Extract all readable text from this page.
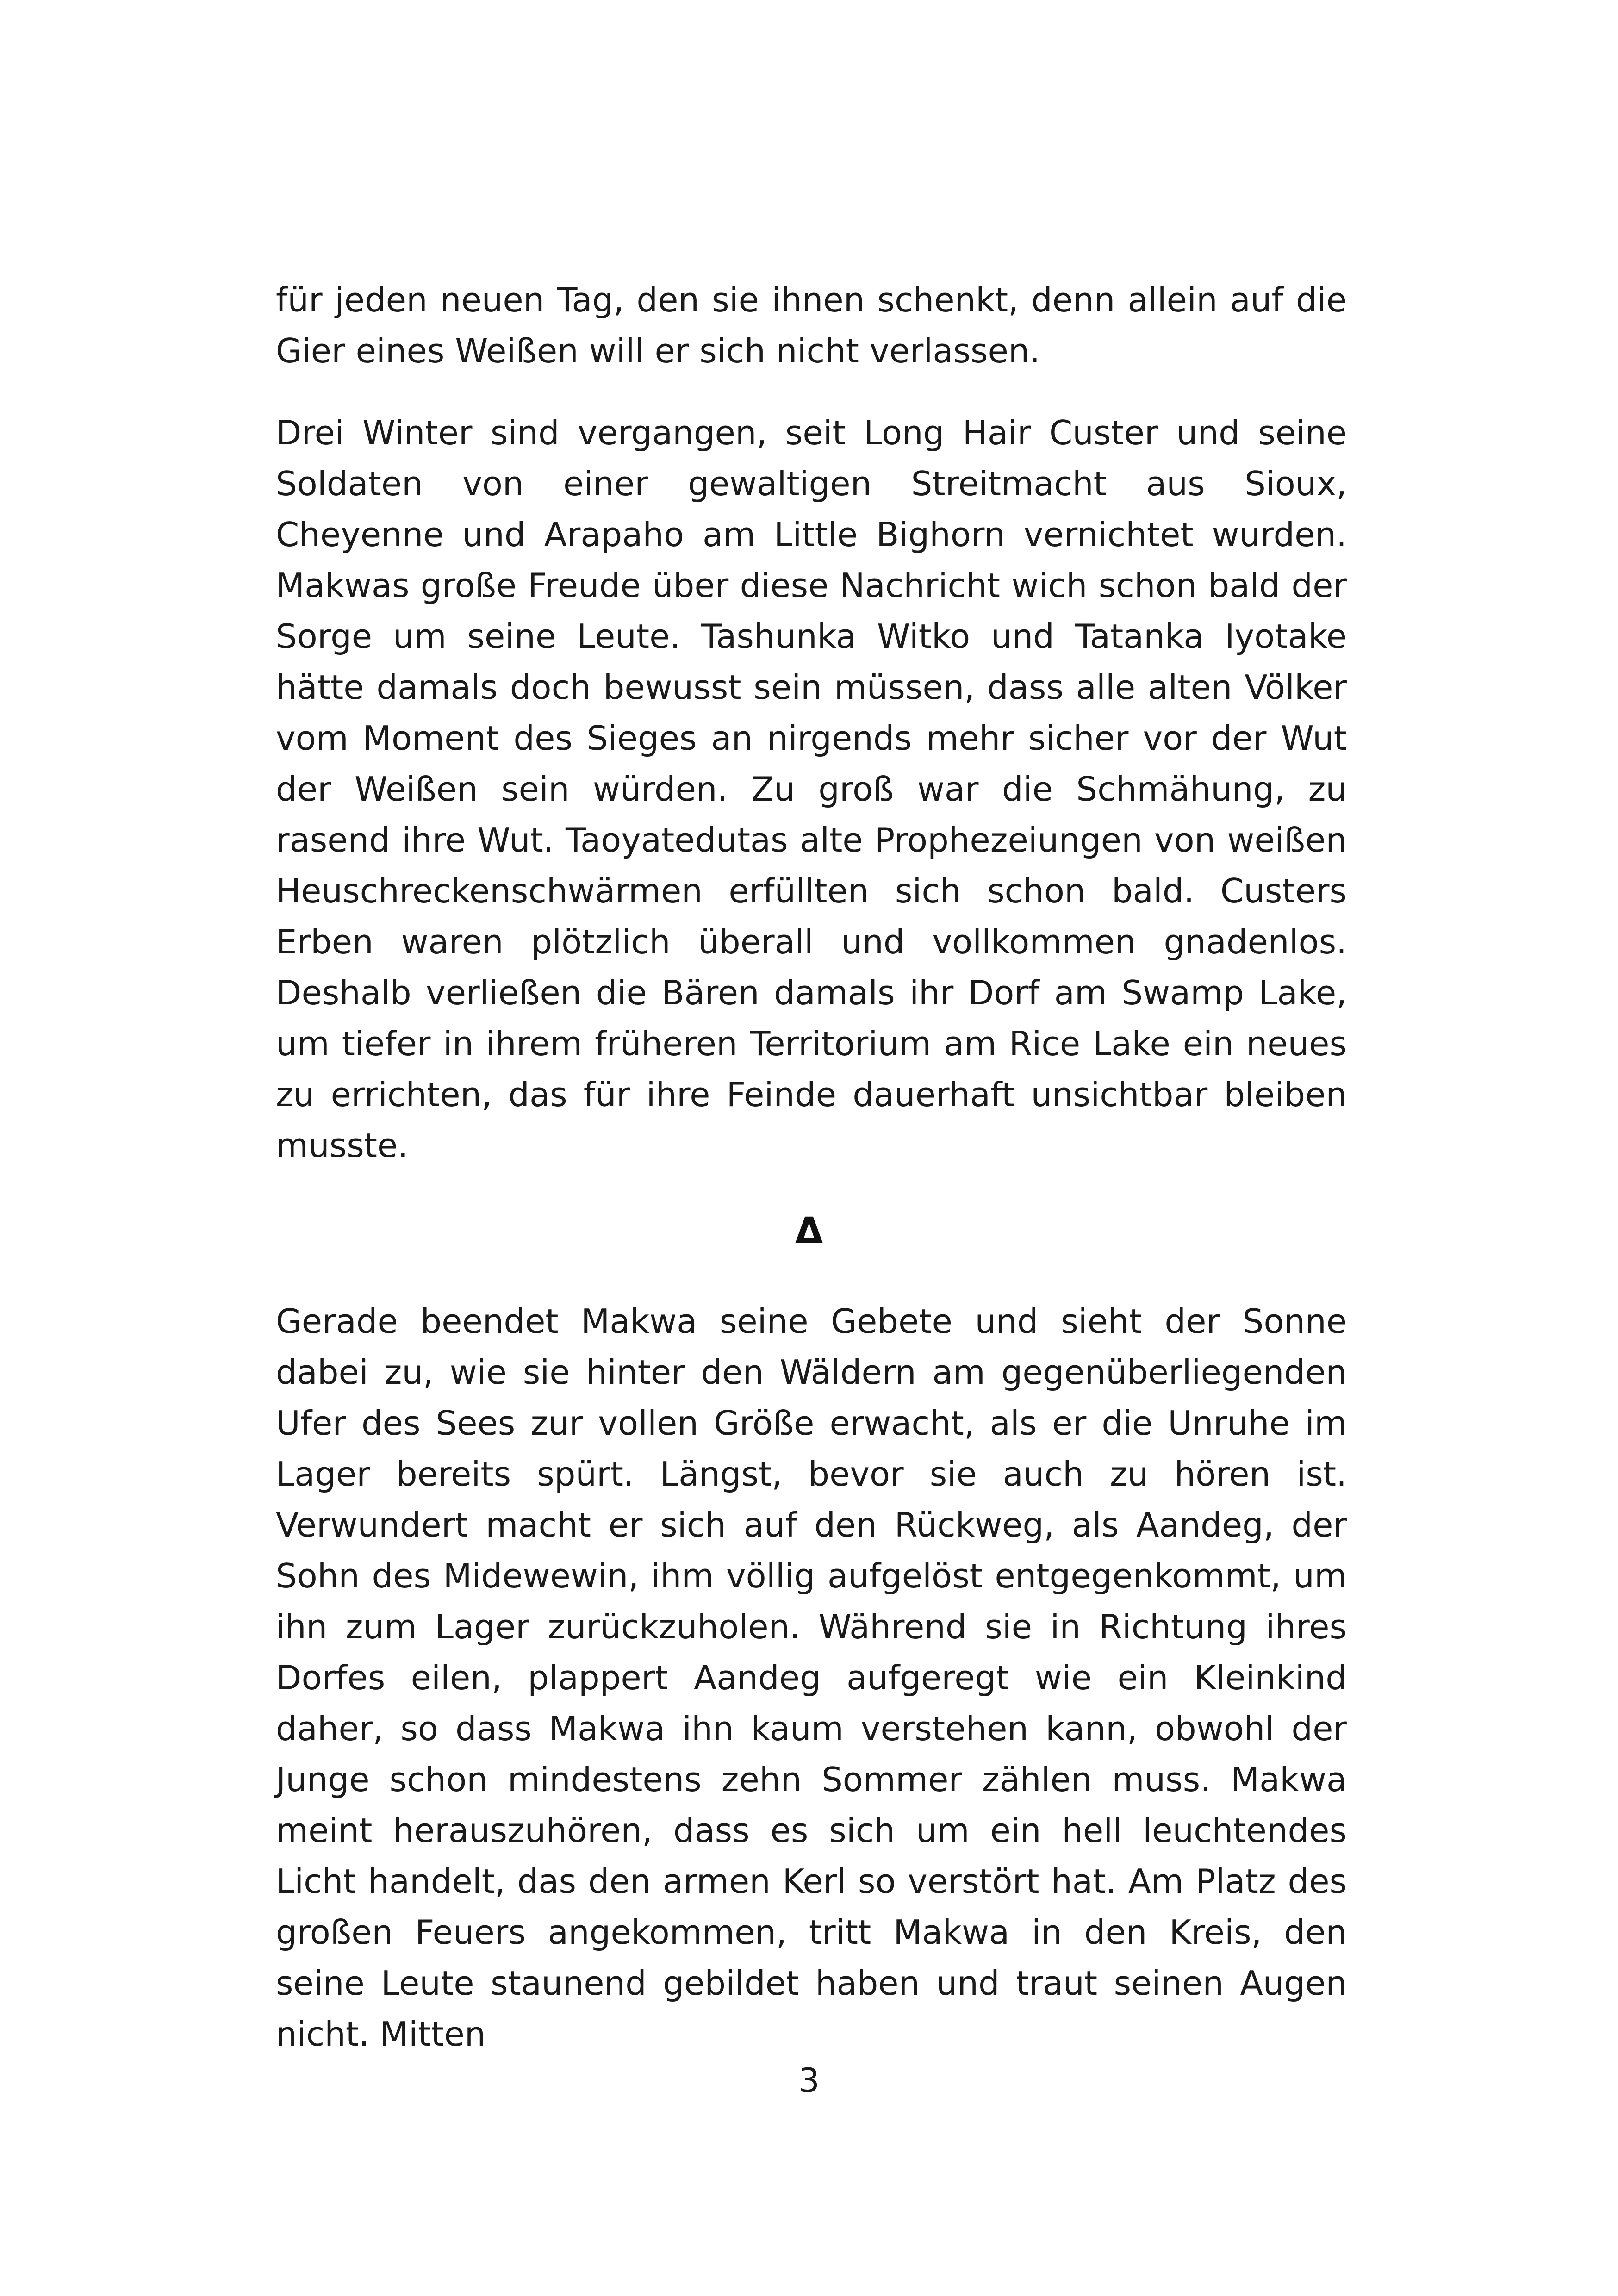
für jeden neuen Tag, den sie ihnen schenkt, denn allein auf die Gier eines Weißen will er sich nicht verlassen.

Drei Winter sind vergangen, seit Long Hair Custer und seine Soldaten von einer gewaltigen Streitmacht aus Sioux, Cheyenne und Arapaho am Little Bighorn vernichtet wurden. Makwas große Freude über diese Nachricht wich schon bald der Sorge um seine Leute. Tashunka Witko und Tatanka Iyotake hätte damals doch bewusst sein müssen, dass alle alten Völker vom Moment des Sieges an nirgends mehr sicher vor der Wut der Weißen sein würden. Zu groß war die Schmähung, zu rasend ihre Wut. Taoyatedutas alte Prophezeiungen von weißen Heuschreckenschwärmen erfüllten sich schon bald. Custers Erben waren plötzlich überall und vollkommen gnadenlos. Deshalb verließen die Bären damals ihr Dorf am Swamp Lake, um tiefer in ihrem früheren Territorium am Rice Lake ein neues zu errichten, das für ihre Feinde dauerhaft unsichtbar bleiben musste.

Δ

Gerade beendet Makwa seine Gebete und sieht der Sonne dabei zu, wie sie hinter den Wäldern am gegenüberliegenden Ufer des Sees zur vollen Größe erwacht, als er die Unruhe im Lager bereits spürt. Längst, bevor sie auch zu hören ist. Verwundert macht er sich auf den Rückweg, als Aandeg, der Sohn des Midewewin, ihm völlig aufgelöst entgegenkommt, um ihn zum Lager zurückzuholen. Während sie in Richtung ihres Dorfes eilen, plappert Aandeg aufgeregt wie ein Kleinkind daher, so dass Makwa ihn kaum verstehen kann, obwohl der Junge schon mindestens zehn Sommer zählen muss. Makwa meint herauszuhören, dass es sich um ein hell leuchtendes Licht handelt, das den armen Kerl so verstört hat. Am Platz des großen Feuers angekommen, tritt Makwa in den Kreis, den seine Leute staunend gebildet haben und traut seinen Augen nicht. Mitten

3
